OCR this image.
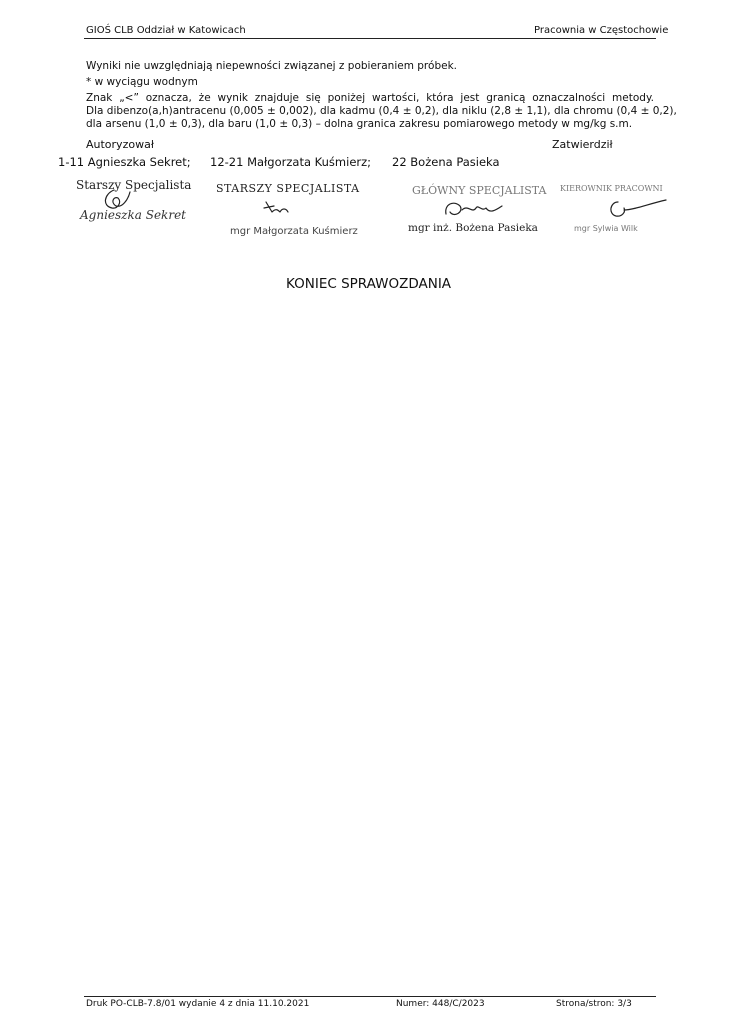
GIOŚ CLB Oddział w Katowicach	Pracownia w Częstochowie
Wyniki nie uwzględniają niepewności związanej z pobieraniem próbek.
* w wyciągu wodnym
Znak „<” oznacza, że wynik znajduje się poniżej wartości, która jest granicą oznaczalności metody.
Dla dibenzo(a,h)antracenu (0,005 ± 0,002), dla kadmu (0,4 ± 0,2), dla niklu (2,8 ± 1,1), dla chromu (0,4 ± 0,2),
dla arsenu (1,0 ± 0,3), dla baru (1,0 ± 0,3) – dolna granica zakresu pomiarowego metody w mg/kg s.m.
Autoryzował	Zatwierdził
1-11 Agnieszka Sekret; 12-21 Małgorzata Kuśmierz; 22 Bożena Pasieka
Starszy Specjalista
Agnieszka Sekret
STARSZY SPECJALISTA
mgr Małgorzata Kuśmierz
GŁÓWNY SPECJALISTA
mgr inż. Bożena Pasieka
KIEROWNIK PRACOWNI
mgr Sylwia Wilk
KONIEC SPRAWOZDANIA
Druk PO-CLB-7.8/01 wydanie 4 z dnia 11.10.2021	Numer: 448/C/2023	Strona/stron: 3/3
